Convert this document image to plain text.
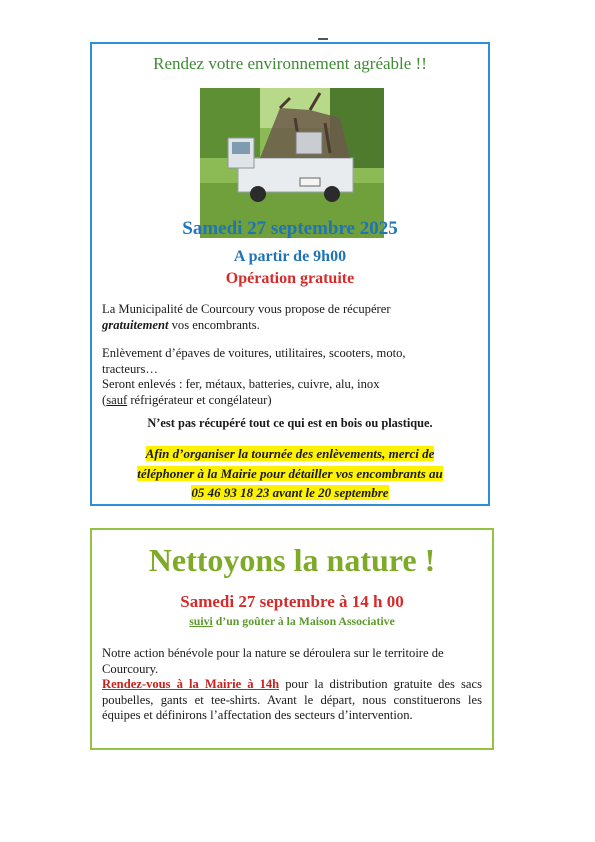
Rendez votre environnement agréable !!
Samedi 27 septembre 2025
A partir de 9h00
Opération gratuite
La Municipalité de Courcoury vous propose de récupérer
gratuitement vos encombrants.
Enlèvement d’épaves de voitures, utilitaires, scooters, moto,
tracteurs…
Seront enlevés : fer, métaux, batteries, cuivre, alu, inox
(sauf réfrigérateur et congélateur)
N’est pas récupéré tout ce qui est en bois ou plastique.
Afin d’organiser la tournée des enlèvements, merci de
téléphoner à la Mairie pour détailler vos encombrants au
05 46 93 18 23 avant le 20 septembre
Nettoyons la nature !
Samedi 27 septembre à 14 h 00
suivi d’un goûter à la Maison Associative
Notre action bénévole pour la nature se déroulera sur le territoire de Courcoury.
Rendez-vous à la Mairie à 14h pour la distribution gratuite des sacs poubelles, gants et tee-shirts. Avant le départ, nous constituerons les équipes et définirons l’affectation des secteurs d’intervention.
